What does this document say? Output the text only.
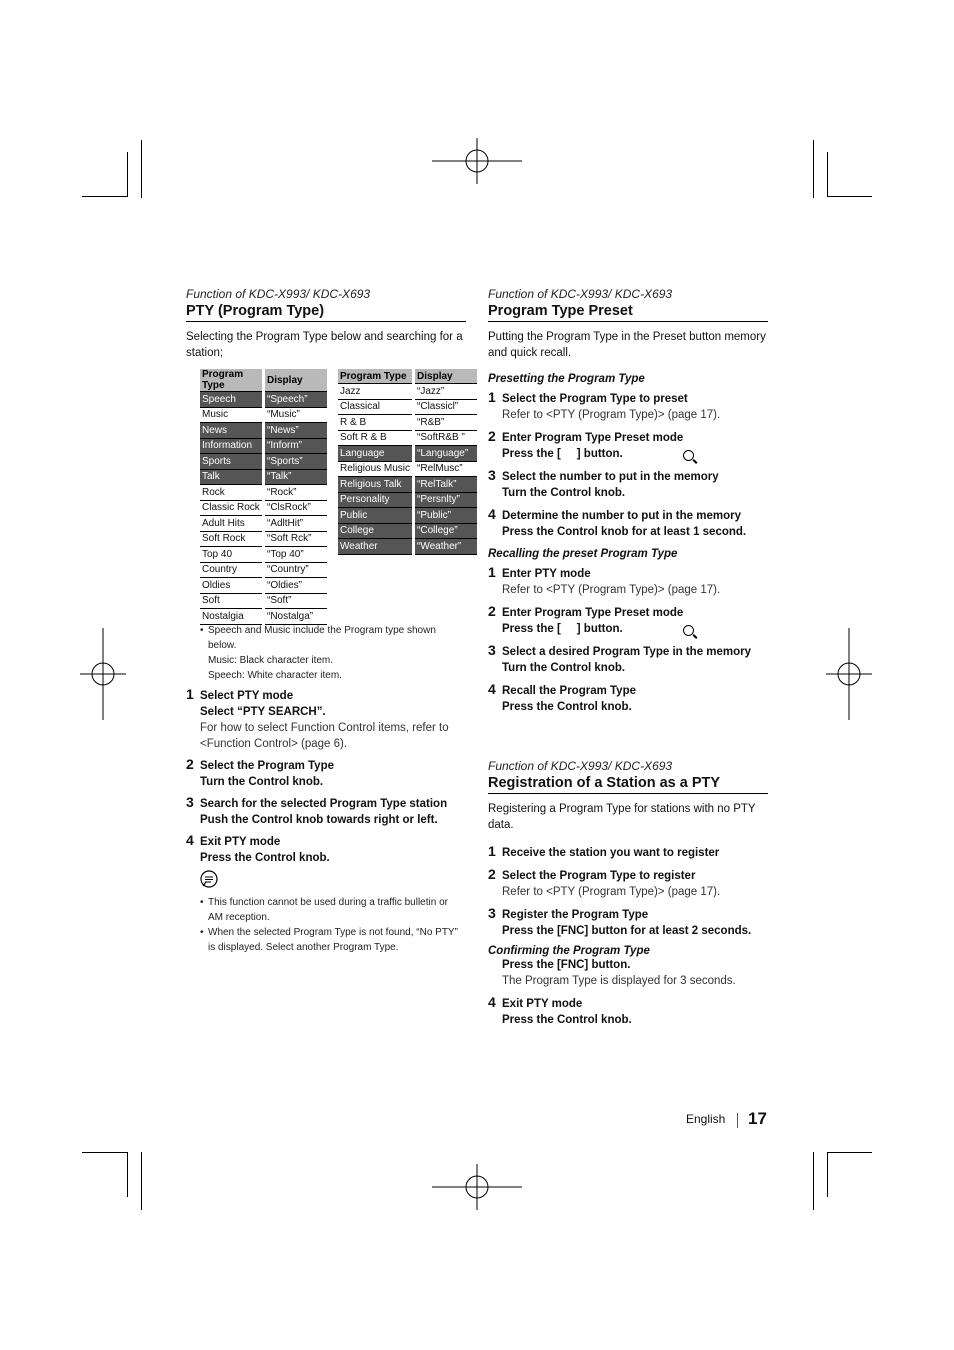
Function of KDC-X993/ KDC-X693
PTY (Program Type)
Selecting the Program Type below and searching for a station;
Program Type	Display
Speech	“Speech”
Music	“Music”
News	“News”
Information	“Inform”
Sports	“Sports”
Talk	“Talk”
Rock	“Rock”
Classic Rock	“ClsRock”
Adult Hits	“AdltHit”
Soft Rock	“Soft Rck”
Top 40	“Top 40”
Country	“Country”
Oldies	“Oldies”
Soft	“Soft”
Nostalgia	“Nostalga”
Program Type	Display
Jazz	“Jazz”
Classical	“Classicl”
R & B	“R&B”
Soft R & B	“SoftR&B ”
Language	“Language”
Religious Music	“RelMusc”
Religious Talk	“RelTalk”
Personality	“Persnlty”
Public	“Public”
College	“College”
Weather	“Weather”
• Speech and Music include the Program type shown
below.
Music: Black character item.
Speech: White character item.
1 Select PTY mode
Select “PTY SEARCH”.
For how to select Function Control items, refer to
<Function Control> (page 6).
2 Select the Program Type
Turn the Control knob.
3 Search for the selected Program Type station
Push the Control knob towards right or left.
4 Exit PTY mode
Press the Control knob.
• This function cannot be used during a traffic bulletin or
AM reception.
• When the selected Program Type is not found, “No PTY”
is displayed. Select another Program Type.
Function of KDC-X993/ KDC-X693
Program Type Preset
Putting the Program Type in the Preset button memory and quick recall.
Presetting the Program Type
1 Select the Program Type to preset
Refer to <PTY (Program Type)> (page 17).
2 Enter Program Type Preset mode
Press the [     ] button.
3 Select the number to put in the memory
Turn the Control knob.
4 Determine the number to put in the memory
Press the Control knob for at least 1 second.
Recalling the preset Program Type
1 Enter PTY mode
Refer to <PTY (Program Type)> (page 17).
2 Enter Program Type Preset mode
Press the [     ] button.
3 Select a desired Program Type in the memory
Turn the Control knob.
4 Recall the Program Type
Press the Control knob.
Function of KDC-X993/ KDC-X693
Registration of a Station as a PTY
Registering a Program Type for stations with no PTY data.
1 Receive the station you want to register
2 Select the Program Type to register
Refer to <PTY (Program Type)> (page 17).
3 Register the Program Type
Press the [FNC] button for at least 2 seconds.
Confirming the Program Type
Press the [FNC] button.
The Program Type is displayed for 3 seconds.
4 Exit PTY mode
Press the Control knob.
English 17
